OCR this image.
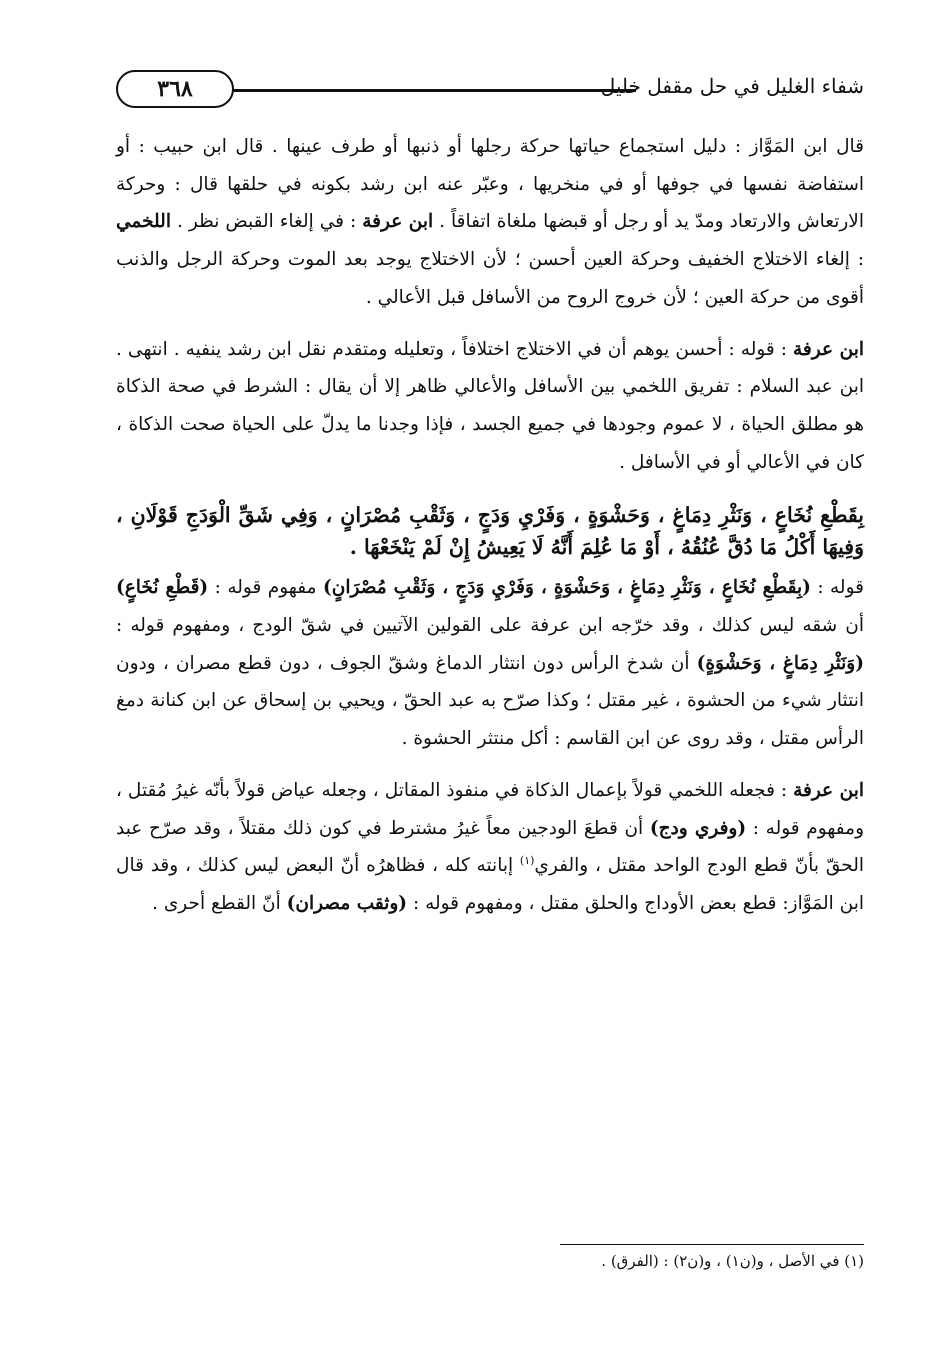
٣٦٨	شفاء الغليل في حل مقفل خليل

قال ابن المَوَّاز : دليل استجماع حياتها حركة رجلها أو ذنبها أو طرف عينها . قال ابن حبيب : أو استفاضة نفسها في جوفها أو في منخريها ، وعبّر عنه ابن رشد بكونه في حلقها قال : وحركة الارتعاش والارتعاد ومدّ يد أو رجل أو قبضها ملغاة اتفاقاً . ابن عرفة : في إلغاء القبض نظر . اللخمي : إلغاء الاختلاج الخفيف وحركة العين أحسن ؛ لأن الاختلاج يوجد بعد الموت وحركة الرجل والذنب أقوى من حركة العين ؛ لأن خروج الروح من الأسافل قبل الأعالي .

ابن عرفة : قوله : أحسن يوهم أن في الاختلاج اختلافاً ، وتعليله ومتقدم نقل ابن رشد ينفيه . انتهى . ابن عبد السلام : تفريق اللخمي بين الأسافل والأعالي ظاهر إلا أن يقال : الشرط في صحة الذكاة هو مطلق الحياة ، لا عموم وجودها في جميع الجسد ، فإذا وجدنا ما يدلّ على الحياة صحت الذكاة ، كان في الأعالي أو في الأسافل .

بِقَطْعِ نُخَاعٍ ، وَنَثْرِ دِمَاغٍ ، وَحَشْوَةٍ ، وَفَرْيِ وَدَجٍ ، وَثَقْبِ مُصْرَانٍ ، وَفِي شَقِّ الْوَدَجِ قَوْلَانِ ، وَفِيهَا أَكْلُ مَا دُقَّ عُنُقُهُ ، أَوْ مَا عُلِمَ أَنَّهُ لَا يَعِيشُ إِنْ لَمْ يَنْخَعْهَا .

قوله : (بِقَطْعِ نُخَاعٍ ، وَنَثْرِ دِمَاغٍ ، وَحَشْوَةٍ ، وَفَرْيِ وَدَجٍ ، وَثَقْبِ مُصْرَانٍ) مفهوم قوله : (قَطْعِ نُخَاعٍ) أن شقه ليس كذلك ، وقد خرّجه ابن عرفة على القولين الآتيين في شقّ الودج ، ومفهوم قوله : (وَنَثْرِ دِمَاغٍ ، وَحَشْوَةٍ) أن شدخ الرأس دون انتثار الدماغ وشقّ الجوف ، دون قطع مصران ، ودون انتثار شيء من الحشوة ، غير مقتل ؛ وكذا صرّح به عبد الحقّ ، ويحيي بن إسحاق عن ابن كنانة دمغ الرأس مقتل ، وقد روى عن ابن القاسم : أكل منتثر الحشوة .

ابن عرفة : فجعله اللخمي قولاً بإعمال الذكاة في منفوذ المقاتل ، وجعله عياض قولاً بأنّه غيرُ مُقتل ، ومفهوم قوله : (وفري ودج) أن قطعَ الودجين معاً غيرُ مشترط في كون ذلك مقتلاً ، وقد صرّح عبد الحقّ بأنّ قطع الودج الواحد مقتل ، والفري$^{(١)}$ إبانته كله ، فظاهرُه أنّ البعض ليس كذلك ، وقد قال ابن المَوَّاز: قطع بعض الأوداج والحلق مقتل ، ومفهوم قوله : (وثقب مصران) أنّ القطع أحرى .

(١) في الأصل ، و(ن١) ، و(ن٢) : (الفرق) .
